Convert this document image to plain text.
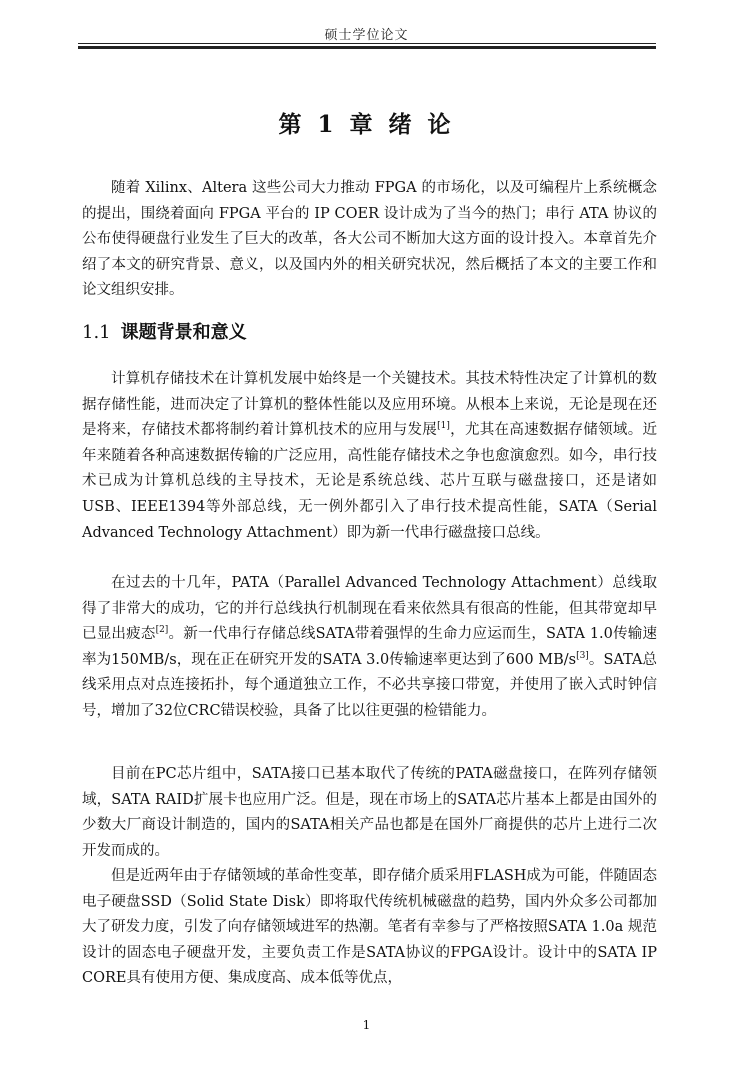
硕士学位论文
第 1 章 绪 论

随着 Xilinx、Altera 这些公司大力推动 FPGA 的市场化，以及可编程片上系统概念的提出，围绕着面向 FPGA 平台的 IP COER 设计成为了当今的热门；串行 ATA 协议的公布使得硬盘行业发生了巨大的改革，各大公司不断加大这方面的设计投入。本章首先介绍了本文的研究背景、意义，以及国内外的相关研究状况，然后概括了本文的主要工作和论文组织安排。

1.1 课题背景和意义

计算机存储技术在计算机发展中始终是一个关键技术。其技术特性决定了计算机的数据存储性能，进而决定了计算机的整体性能以及应用环境。从根本上来说，无论是现在还是将来，存储技术都将制约着计算机技术的应用与发展[1]，尤其在高速数据存储领域。近年来随着各种高速数据传输的广泛应用，高性能存储技术之争也愈演愈烈。如今，串行技术已成为计算机总线的主导技术，无论是系统总线、芯片互联与磁盘接口，还是诸如USB、IEEE1394等外部总线，无一例外都引入了串行技术提高性能，SATA（Serial Advanced Technology Attachment）即为新一代串行磁盘接口总线。

在过去的十几年，PATA（Parallel Advanced Technology Attachment）总线取得了非常大的成功，它的并行总线执行机制现在看来依然具有很高的性能，但其带宽却早已显出疲态[2]。新一代串行存储总线SATA带着强悍的生命力应运而生，SATA 1.0传输速率为150MB/s，现在正在研究开发的SATA 3.0传输速率更达到了600 MB/s[3]。SATA总线采用点对点连接拓扑，每个通道独立工作，不必共享接口带宽，并使用了嵌入式时钟信号，增加了32位CRC错误校验，具备了比以往更强的检错能力。

目前在PC芯片组中，SATA接口已基本取代了传统的PATA磁盘接口，在阵列存储领域，SATA RAID扩展卡也应用广泛。但是，现在市场上的SATA芯片基本上都是由国外的少数大厂商设计制造的，国内的SATA相关产品也都是在国外厂商提供的芯片上进行二次开发而成的。

但是近两年由于存储领域的革命性变革，即存储介质采用FLASH成为可能，伴随固态电子硬盘SSD（Solid State Disk）即将取代传统机械磁盘的趋势，国内外众多公司都加大了研发力度，引发了向存储领域进军的热潮。笔者有幸参与了严格按照SATA 1.0a 规范设计的固态电子硬盘开发，主要负责工作是SATA协议的FPGA设计。设计中的SATA IP CORE具有使用方便、集成度高、成本低等优点，

1
